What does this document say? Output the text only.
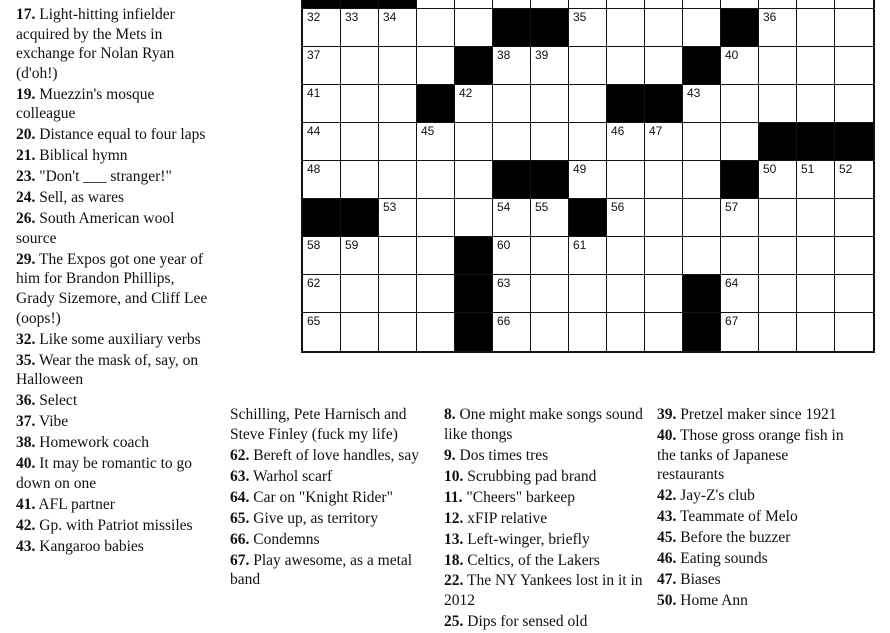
17. Light-hitting infielder acquired by the Mets in exchange for Nolan Ryan (d'oh!)

19. Muezzin's mosque colleague

20. Distance equal to four laps

21. Biblical hymn

23. "Don't ___ stranger!"

24. Sell, as wares

26. South American wool source

29. The Expos got one year of him for Brandon Phillips, Grady Sizemore, and Cliff Lee (oops!)

32. Like some auxiliary verbs

35. Wear the mask of, say, on Halloween

36. Select

37. Vibe

38. Homework coach

40. It may be romantic to go down on one

41. AFL partner

42. Gp. with Patriot missiles

43. Kangaroo babies

Schilling, Pete Harnisch and Steve Finley (fuck my life)

62. Bereft of love handles, say

63. Warhol scarf

64. Car on "Knight Rider"

65. Give up, as territory

66. Condemns

67. Play awesome, as a metal band

8. One might make songs sound like thongs

9. Dos times tres

10. Scrubbing pad brand

11. "Cheers" barkeep

12. xFIP relative

13. Left-winger, briefly

18. Celtics, of the Lakers

22. The NY Yankees lost in it in 2012

25. Dips for sensed old

39. Pretzel maker since 1921

40. Those gross orange fish in the tanks of Japanese restaurants

42. Jay-Z's club

43. Teammate of Melo

45. Before the buzzer

46. Eating sounds

47. Biases

50. Home Ann

32 33 34	35	36
37	38 39	40
41	42	43
44	45	46 47
48	49	50 51 52
53	54 55	56	57
58 59	60	61
62	63	64
65	66	67
